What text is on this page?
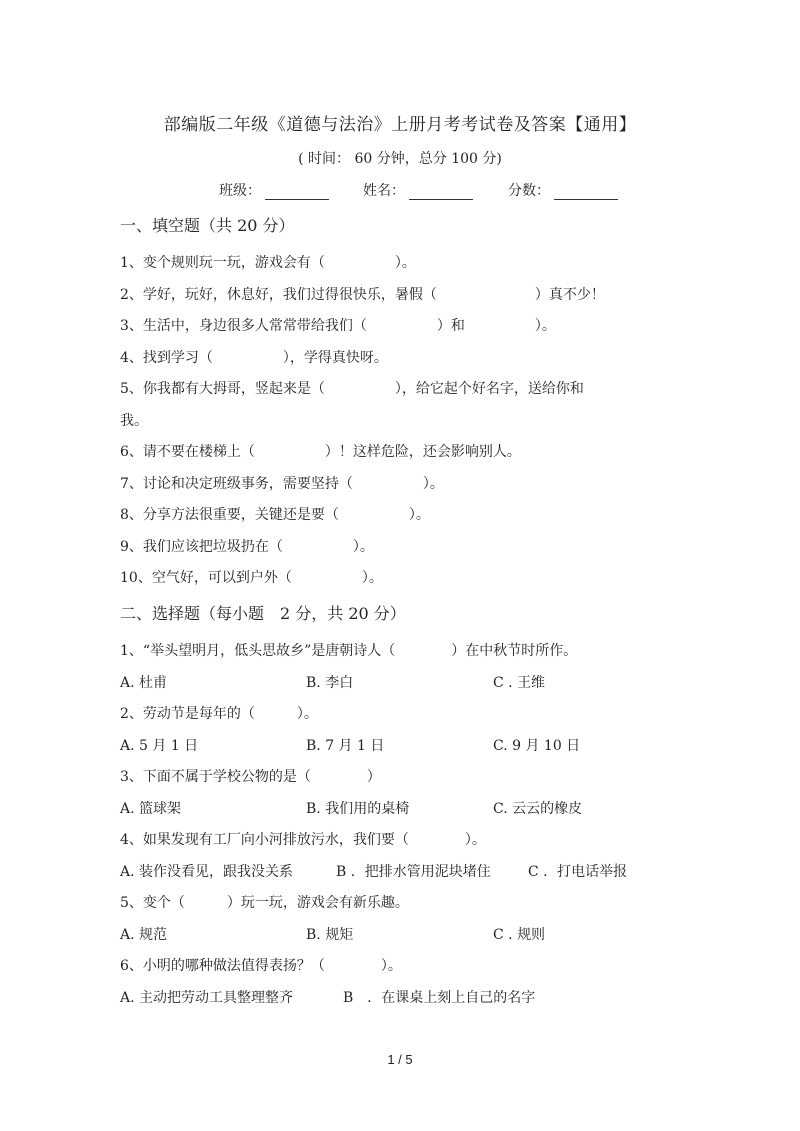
部编版二年级《道德与法治》上册月考考试卷及答案【通用】
( 时间： 60 分钟，总分 100 分)
班级：	姓名：	分数：
一、填空题（共 20 分）
1、变个规则玩一玩，游戏会有（　　　　　）。
2、学好，玩好，休息好，我们过得很快乐，暑假（　　　　　　　）真不少！
3、生活中，身边很多人常常带给我们（　　　　　）和　　　　　）。
4、找到学习（　　　　　），学得真快呀。
5、你我都有大拇哥，竖起来是（　　　　　），给它起个好名字，送给你和
我。
6、请不要在楼梯上（　　　　　）！这样危险，还会影响别人。
7、讨论和决定班级事务，需要坚持（　　　　　）。
8、分享方法很重要，关键还是要（　　　　　）。
9、我们应该把垃圾扔在（　　　　　）。
10、空气好，可以到户外（　　　　　）。
二、选择题（每小题　2 分，共 20 分）
1、“举头望明月，低头思故乡”是唐朝诗人（　　　　）在中秋节时所作。
A. 杜甫	B. 李白	C . 王维
2、劳动节是每年的（　　　）。
A. 5 月 1 日	B. 7 月 1 日	C. 9 月 10 日
3、下面不属于学校公物的是（　　　　）
A. 篮球架	B. 我们用的桌椅	C. 云云的橡皮
4、如果发现有工厂向小河排放污水，我们要（　　　　）。
A. 装作没看见，跟我没关系	B ．把排水管用泥块堵住	C ．打电话举报
5、变个（　　　）玩一玩，游戏会有新乐趣。
A. 规范	B. 规矩	C . 规则
6、小明的哪种做法值得表扬？（　　　　）。
A. 主动把劳动工具整理整齐	B　．在课桌上刻上自己的名字
1 / 5
